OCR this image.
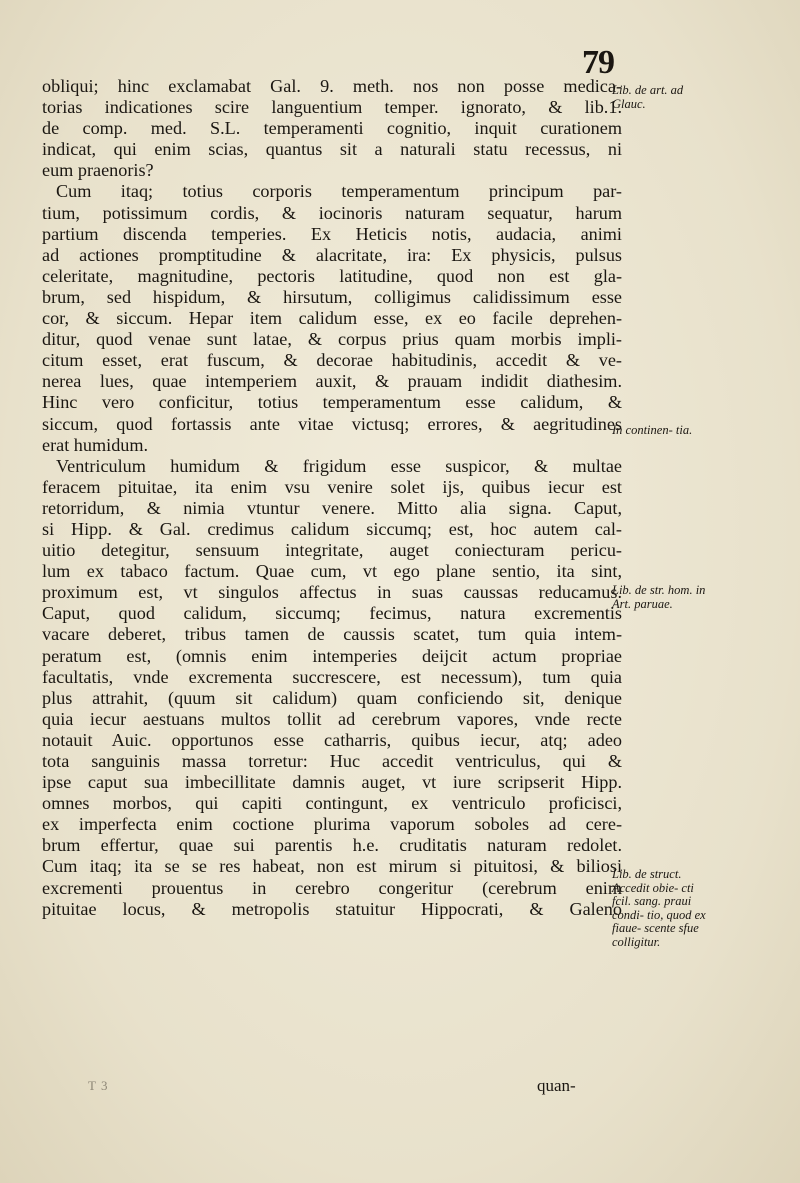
79
obliqui; hinc exclamabat Gal. 9. meth. nos non posse medica-
torias indicationes scire languentium temper. ignorato, & lib.1.
de comp. med. S.L. temperamenti cognitio, inquit curationem
indicat, qui enim scias, quantus sit a naturali statu recessus, ni
eum praenoris?
Cum itaq; totius corporis temperamentum principum par-
tium, potissimum cordis, & iocinoris naturam sequatur, harum
partium discenda temperies. Ex Heticis notis, audacia, animi
ad actiones promptitudine & alacritate, ira: Ex physicis, pulsus
celeritate, magnitudine, pectoris latitudine, quod non est gla-
brum, sed hispidum, & hirsutum, colligimus calidissimum esse
cor, & siccum. Hepar item calidum esse, ex eo facile deprehen-
ditur, quod venae sunt latae, & corpus prius quam morbis impli-
citum esset, erat fuscum, & decorae habitudinis, accedit & ve-
nerea lues, quae intemperiem auxit, & prauam indidit diathesim.
Hinc vero conficitur, totius temperamentum esse calidum, &
siccum, quod fortassis ante vitae victusq; errores, & aegritudines
erat humidum.
Ventriculum humidum & frigidum esse suspicor, & multae
feracem pituitae, ita enim vsu venire solet ijs, quibus iecur est
retorridum, & nimia vtuntur venere. Mitto alia signa. Caput,
si Hipp. & Gal. credimus calidum siccumq; est, hoc autem cal-
uitio detegitur, sensuum integritate, auget coniecturam pericu-
lum ex tabaco factum. Quae cum, vt ego plane sentio, ita sint,
proximum est, vt singulos affectus in suas caussas reducamus.
Caput, quod calidum, siccumq; fecimus, natura excrementis
vacare deberet, tribus tamen de caussis scatet, tum quia intem-
peratum est, (omnis enim intemperies deijcit actum propriae
facultatis, vnde excrementa succrescere, est necessum), tum quia
plus attrahit, (quum sit calidum) quam conficiendo sit, denique
quia iecur aestuans multos tollit ad cerebrum vapores, vnde recte
notauit Auic. opportunos esse catharris, quibus iecur, atq; adeo
tota sanguinis massa torretur: Huc accedit ventriculus, qui &
ipse caput sua imbecillitate damnis auget, vt iure scripserit Hipp.
omnes morbos, qui capiti contingunt, ex ventriculo proficisci,
ex imperfecta enim coctione plurima vaporum soboles ad cere-
brum effertur, quae sui parentis h.e. cruditatis naturam redolet.
Cum itaq; ita se se res habeat, non est mirum si pituitosi, & biliosi
excrementi prouentus in cerebro congeritur (cerebrum enim
pituitae locus, & metropolis statuitur Hippocrati, & Galeno
Lib. de art. ad Glauc.
In continen- tia.
Lib. de str. hom. in Art. paruae.
Lib. de struct. Accedit obie- cti fcil. sang. praui condi- tio, quod ex fiaue- scente sfue colligitur.
T 3	quan-
